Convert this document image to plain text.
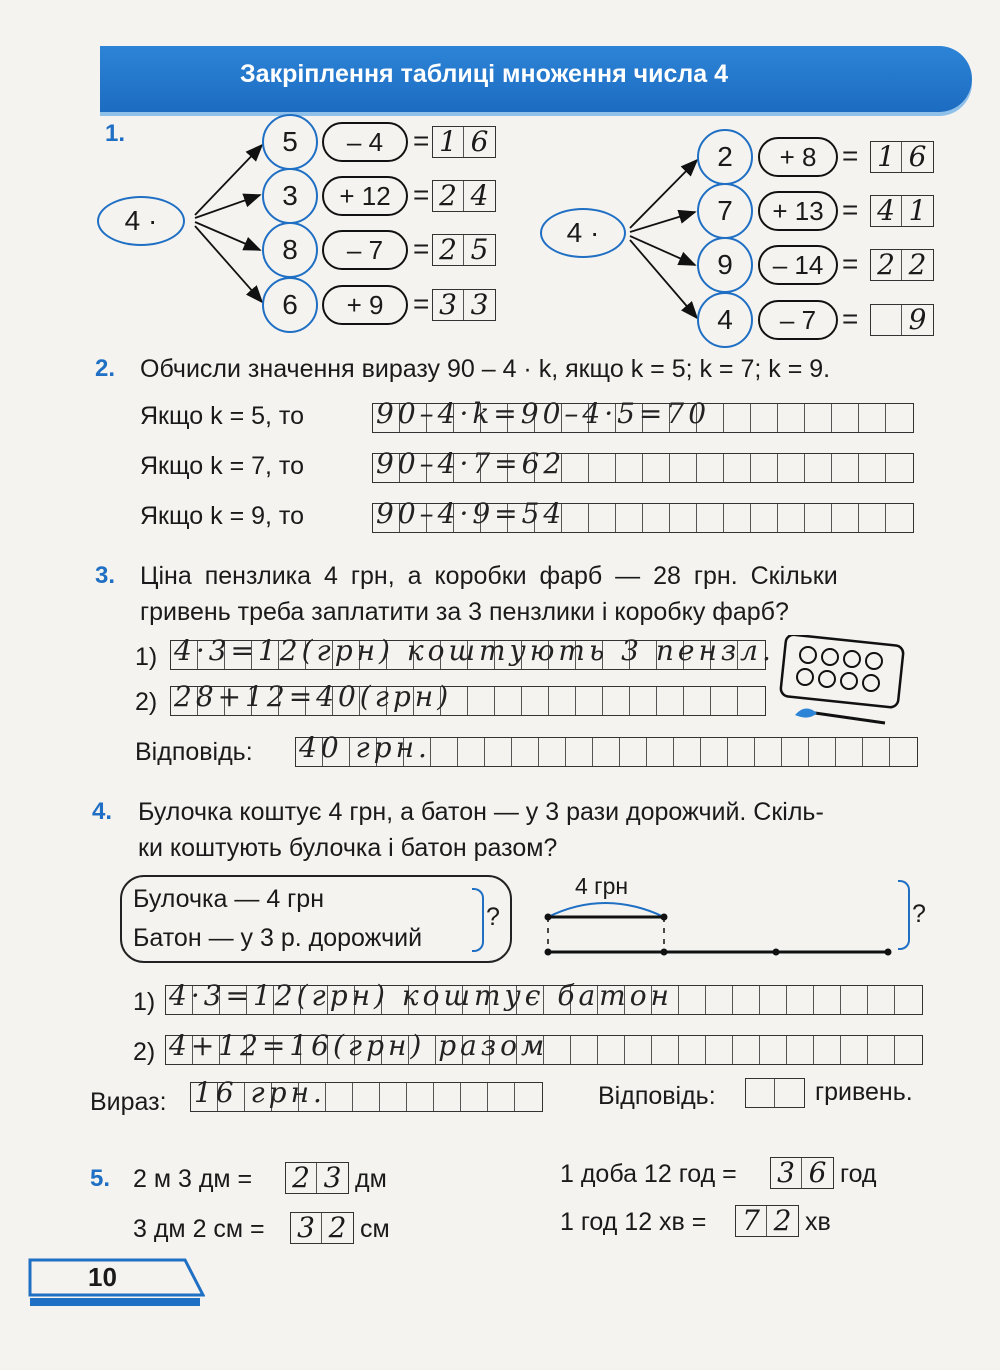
Закріплення таблиці множення числа 4
1.
4 ·	4 ·
5	– 4	= 1 6
3	+ 12 = 2 4
8	– 7	= 2 5
6	+ 9	= 3 3
2	+ 8 = 1 6
7	+ 13 = 4 1
9	– 14 = 2 2
4	– 7 = 9
2. Обчисли значення виразу 90 – 4 · k, якщо k = 5; k = 7; k = 9.
Якщо k = 5, то	90–4·k=90–4·5=70
Якщо k = 7, то	90–4·7=62
Якщо k = 9, то	90–4·9=54
3. Ціна пензлика 4 грн, а коробки фарб — 28 грн. Скільки
гривень треба заплатити за 3 пензлики і коробку фарб?
1) 4·3=12(грн) коштують 3 пензл.
2) 28+12=40(грн)
Відповідь: 40 грн.
4. Булочка коштує 4 грн, а батон — у 3 рази дорожчий. Скіль-
ки коштують булочка і батон разом?
Булочка — 4 грн
Батон — у 3 р. дорожчий
?
4 грн
?
1) 4·3=12(грн) коштує батон
2) 4+12=16(грн) разом
Вираз: 16 грн.	Відповідь:	гривень.
5. 2 м 3 дм = 2 3 дм
3 дм 2 см = 3 2 см
1 доба 12 год = 3 6 год
1 год 12 хв = 7 2 хв
10
